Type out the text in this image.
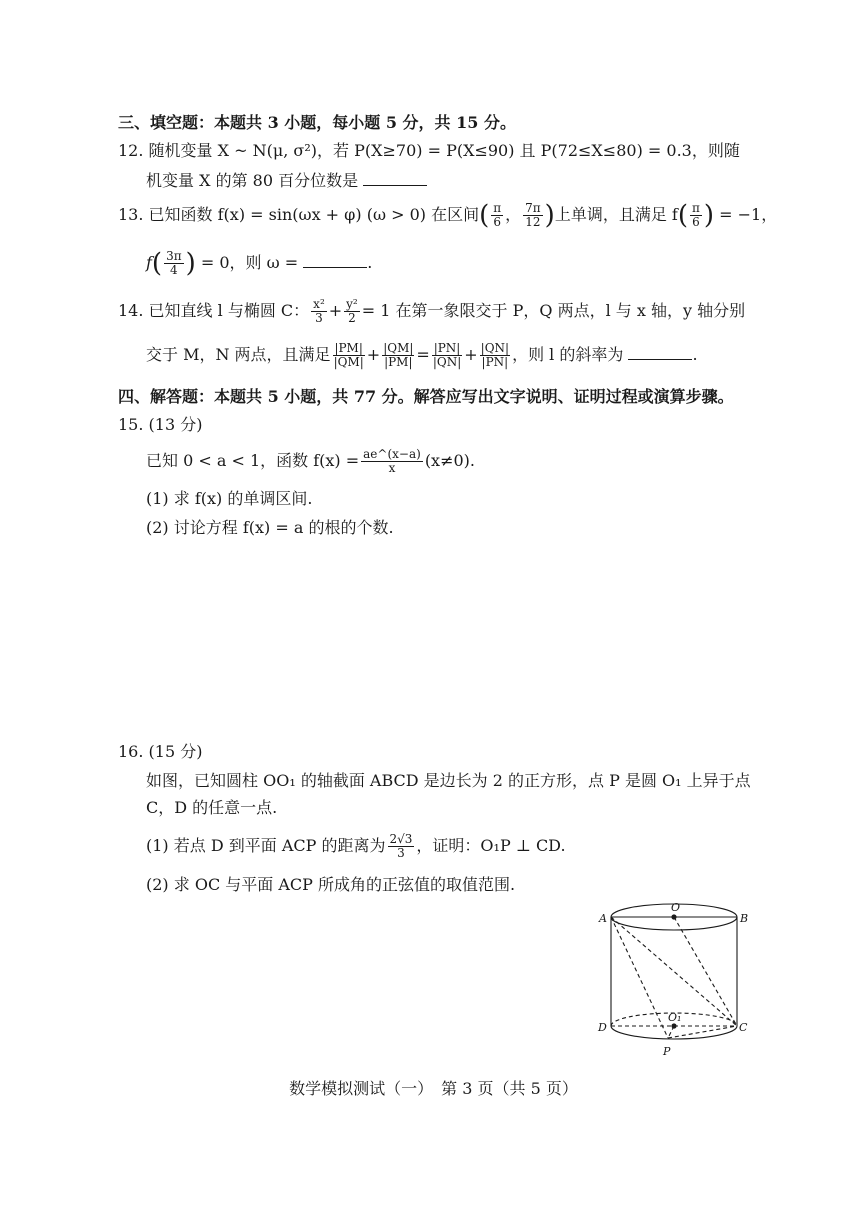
三、填空题：本题共 3 小题，每小题 5 分，共 15 分。
12. 随机变量 X ~ N(μ, σ²)，若 P(X≥70) = P(X≤90) 且 P(72≤X≤80) = 0.3，则随
机变量 X 的第 80 百分位数是
13. 已知函数 f(x) = sin(ωx + φ) (ω > 0) 在区间( $\frac{\pi}{6}$ ， $\frac{7\pi}{12}$ )上单调，且满足 $f( \frac{\pi}{6}$ ) = −1，
$f( \frac{3\pi}{4}$ ) = 0，则 ω =	.
14. 已知直线 l 与椭圆 C： $\frac{\text{x²}}{3} + \frac{\text{y²}}{2} = 1$ 在第一象限交于 P，Q 两点，l 与 x 轴，y 轴分别
交于 M，N 两点，且满足 $\frac{|PM|}{|QM|} + \frac{|QM|}{|PM|} = \frac{|PN|}{|QN|} + \frac{|QN|}{|PN|}$ ，则 l 的斜率为	.
四、解答题：本题共 5 小题，共 77 分。解答应写出文字说明、证明过程或演算步骤。
15. (13 分)
已知 0 < a < 1，函数 $f(x) = \frac{ae\^{}(x-a)}{x} (x\ne 0)$.
(1) 求 f(x) 的单调区间.
(2) 讨论方程 f(x) = a 的根的个数.
16. (15 分)
如图，已知圆柱 OO₁ 的轴截面 ABCD 是边长为 2 的正方形，点 P 是圆 O₁ 上异于点
C，D 的任意一点.
(1) 若点 D 到平面 ACP 的距离为 $\frac{2√3}{3}$ ，证明：O₁P ⊥ CD.
(2) 求 OC 与平面 ACP 所成角的正弦值的取值范围.
A
O
B
D
O₁
C
P
数学模拟测试（一）　第 3 页（共 5 页）
